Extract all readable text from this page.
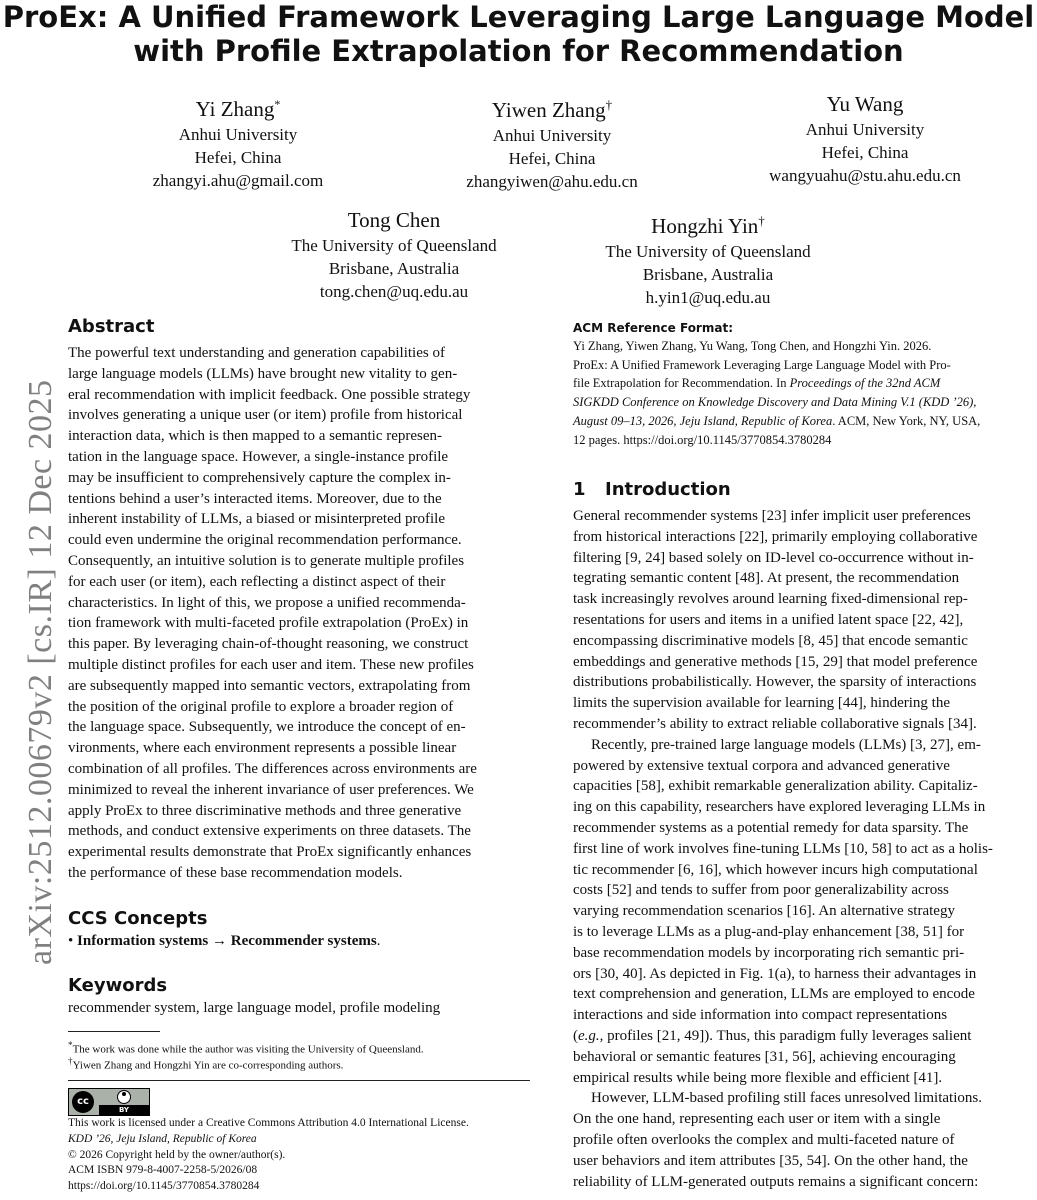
ProEx: A Unified Framework Leveraging Large Language Model
with Profile Extrapolation for Recommendation
Yi Zhang*
Anhui University
Hefei, China
zhangyi.ahu@gmail.com
Yiwen Zhang†
Anhui University
Hefei, China
zhangyiwen@ahu.edu.cn
Yu Wang
Anhui University
Hefei, China
wangyuahu@stu.ahu.edu.cn
Tong Chen
The University of Queensland
Brisbane, Australia
tong.chen@uq.edu.au
Hongzhi Yin†
The University of Queensland
Brisbane, Australia
h.yin1@uq.edu.au
arXiv:2512.00679v2 [cs.IR] 12 Dec 2025
Abstract
The powerful text understanding and generation capabilities of
large language models (LLMs) have brought new vitality to gen-
eral recommendation with implicit feedback. One possible strategy
involves generating a unique user (or item) profile from historical
interaction data, which is then mapped to a semantic represen-
tation in the language space. However, a single-instance profile
may be insufficient to comprehensively capture the complex in-
tentions behind a user’s interacted items. Moreover, due to the
inherent instability of LLMs, a biased or misinterpreted profile
could even undermine the original recommendation performance.
Consequently, an intuitive solution is to generate multiple profiles
for each user (or item), each reflecting a distinct aspect of their
characteristics. In light of this, we propose a unified recommenda-
tion framework with multi-faceted profile extrapolation (ProEx) in
this paper. By leveraging chain-of-thought reasoning, we construct
multiple distinct profiles for each user and item. These new profiles
are subsequently mapped into semantic vectors, extrapolating from
the position of the original profile to explore a broader region of
the language space. Subsequently, we introduce the concept of en-
vironments, where each environment represents a possible linear
combination of all profiles. The differences across environments are
minimized to reveal the inherent invariance of user preferences. We
apply ProEx to three discriminative methods and three generative
methods, and conduct extensive experiments on three datasets. The
experimental results demonstrate that ProEx significantly enhances
the performance of these base recommendation models.
CCS Concepts
• Information systems → Recommender systems.
Keywords
recommender system, large language model, profile modeling
*The work was done while the author was visiting the University of Queensland.
†Yiwen Zhang and Hongzhi Yin are co-corresponding authors.
cc
BY
This work is licensed under a Creative Commons Attribution 4.0 International License.
KDD ’26, Jeju Island, Republic of Korea
© 2026 Copyright held by the owner/author(s).
ACM ISBN 979-8-4007-2258-5/2026/08
https://doi.org/10.1145/3770854.3780284
ACM Reference Format:
Yi Zhang, Yiwen Zhang, Yu Wang, Tong Chen, and Hongzhi Yin. 2026.
ProEx: A Unified Framework Leveraging Large Language Model with Pro-
file Extrapolation for Recommendation. In Proceedings of the 32nd ACM
SIGKDD Conference on Knowledge Discovery and Data Mining V.1 (KDD ’26),
August 09–13, 2026, Jeju Island, Republic of Korea. ACM, New York, NY, USA,
12 pages. https://doi.org/10.1145/3770854.3780284
1 Introduction
General recommender systems [23] infer implicit user preferences
from historical interactions [22], primarily employing collaborative
filtering [9, 24] based solely on ID-level co-occurrence without in-
tegrating semantic content [48]. At present, the recommendation
task increasingly revolves around learning fixed-dimensional rep-
resentations for users and items in a unified latent space [22, 42],
encompassing discriminative models [8, 45] that encode semantic
embeddings and generative methods [15, 29] that model preference
distributions probabilistically. However, the sparsity of interactions
limits the supervision available for learning [44], hindering the
recommender’s ability to extract reliable collaborative signals [34].
Recently, pre-trained large language models (LLMs) [3, 27], em-
powered by extensive textual corpora and advanced generative
capacities [58], exhibit remarkable generalization ability. Capitaliz-
ing on this capability, researchers have explored leveraging LLMs in
recommender systems as a potential remedy for data sparsity. The
first line of work involves fine-tuning LLMs [10, 58] to act as a holis-
tic recommender [6, 16], which however incurs high computational
costs [52] and tends to suffer from poor generalizability across
varying recommendation scenarios [16]. An alternative strategy
is to leverage LLMs as a plug-and-play enhancement [38, 51] for
base recommendation models by incorporating rich semantic pri-
ors [30, 40]. As depicted in Fig. 1(a), to harness their advantages in
text comprehension and generation, LLMs are employed to encode
interactions and side information into compact representations
(e.g., profiles [21, 49]). Thus, this paradigm fully leverages salient
behavioral or semantic features [31, 56], achieving encouraging
empirical results while being more flexible and efficient [41].
However, LLM-based profiling still faces unresolved limitations.
On the one hand, representing each user or item with a single
profile often overlooks the complex and multi-faceted nature of
user behaviors and item attributes [35, 54]. On the other hand, the
reliability of LLM-generated outputs remains a significant concern:
